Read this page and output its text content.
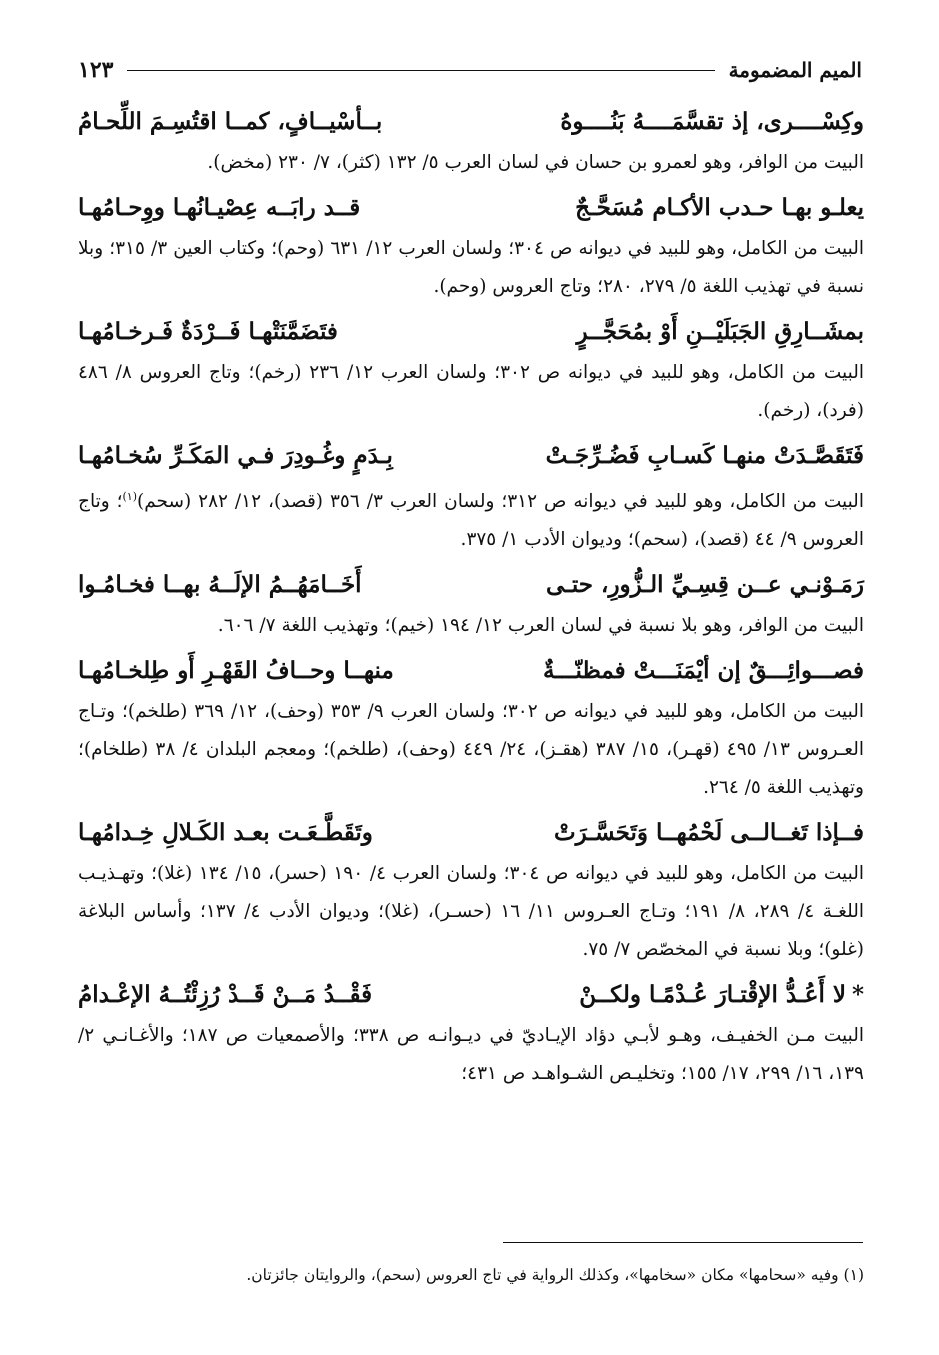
الميم المضمومة
١٢٣
وكِسْــــرى، إذ تقسَّمَــــهُ بَنُــــوهُ
بــأسْيــافٍ، كمــا اقتُسِـمَ اللِّحـامُ

البيت من الوافر، وهو لعمرو بن حسان في لسان العرب ٥/ ١٣٢ (كثر)، ٧/ ٢٣٠ (مخض).

يعلـو بهـا حـدب الأكـام مُسَحَّـجٌ
قــد رابَــه عِصْيـانُهـا ووِحـامُهـا

البيت من الكامل، وهو للبيد في ديوانه ص ٣٠٤؛ ولسان العرب ١٢/ ٦٣١ (وحم)؛ وكتاب العين ٣/ ٣١٥؛ وبلا نسبة في تهذيب اللغة ٥/ ٢٧٩، ٢٨٠؛ وتاج العروس (وحم).

بمشَــارِقِ الجَبَلَيْــنِ أَوْ بمُحَجَّــرٍ
فتَضَمَّنَتْهـا فَــرْدَةٌ فَـرخـامُهـا

البيت من الكامل، وهو للبيد في ديوانه ص ٣٠٢؛ ولسان العرب ١٢/ ٢٣٦ (رخم)؛ وتاج العروس ٨/ ٤٨٦ (فرد)، (رخم).

فَتَقَصَّـدَتْ منهـا كَسـابِ فَضُـرِّجَـتْ
بِـدَمٍ وغُـودِرَ فـي المَكَـرِّ سُخـامُهـا

البيت من الكامل، وهو للبيد في ديوانه ص ٣١٢؛ ولسان العرب ٣/ ٣٥٦ (قصد)، ١٢/ ٢٨٢ (سحم)$^{(١)}$؛ وتاج العروس ٩/ ٤٤ (قصد)، (سحم)؛ وديوان الأدب ١/ ٣٧٥.

رَمَـوْنـي عــن قِسِـيِّ الـزُّورِ، حتـى
أَخَــامَهُــمُ الإلَــهُ بهــا فخـامُـوا

البيت من الوافر، وهو بلا نسبة في لسان العرب ١٢/ ١٩٤ (خيم)؛ وتهذيب اللغة ٧/ ٦٠٦.

فصـــوائِـــقٌ إن أيْمَنَـــتْ فمظنّـــةٌ
منهــا وحــافُ القَهْـرِ أَو طِلخـامُهـا

البيت من الكامل، وهو للبيد في ديوانه ص ٣٠٢؛ ولسان العرب ٩/ ٣٥٣ (وحف)، ١٢/ ٣٦٩ (طلخم)؛ وتـاج العـروس ١٣/ ٤٩٥ (قهـر)، ١٥/ ٣٨٧ (هقـز)، ٢٤/ ٤٤٩ (وحف)، (طلخم)؛ ومعجم البلدان ٤/ ٣٨ (طلخام)؛ وتهذيب اللغة ٥/ ٢٦٤.

فــإذا تَغــالــى لَحْمُهــا وَتَحَسَّـرَتْ
وتَقَطَّـعَـت بعـد الكَـلالِ خِـدامُهـا

البيت من الكامل، وهو للبيد في ديوانه ص ٣٠٤؛ ولسان العرب ٤/ ١٩٠ (حسر)، ١٥/ ١٣٤ (غلا)؛ وتهـذيـب اللغـة ٤/ ٢٨٩، ٨/ ١٩١؛ وتـاج العـروس ١١/ ١٦ (حسـر)، (غلا)؛ وديوان الأدب ٤/ ١٣٧؛ وأساس البلاغة (غلو)؛ وبلا نسبة في المخصّص ٧/ ٧٥.

*لا أَعُـدُّ الإقْتـارَ عُـدْمًـا ولكــنْ
فَقْــدُ مَــنْ قَــدْ رُزِئْتُــهُ الإعْـدامُ

البيت مـن الخفيـف، وهـو لأبـي دؤاد الإيـاديّ في ديـوانـه ص ٣٣٨؛ والأصمعيات ص ١٨٧؛ والأغـانـي ٢/ ١٣٩، ١٦/ ٢٩٩، ١٧/ ١٥٥؛ وتخليـص الشـواهـد ص ٤٣١؛

(١) وفيه «سحامها» مكان «سخامها»، وكذلك الرواية في تاج العروس (سحم)، والروايتان جائزتان.
